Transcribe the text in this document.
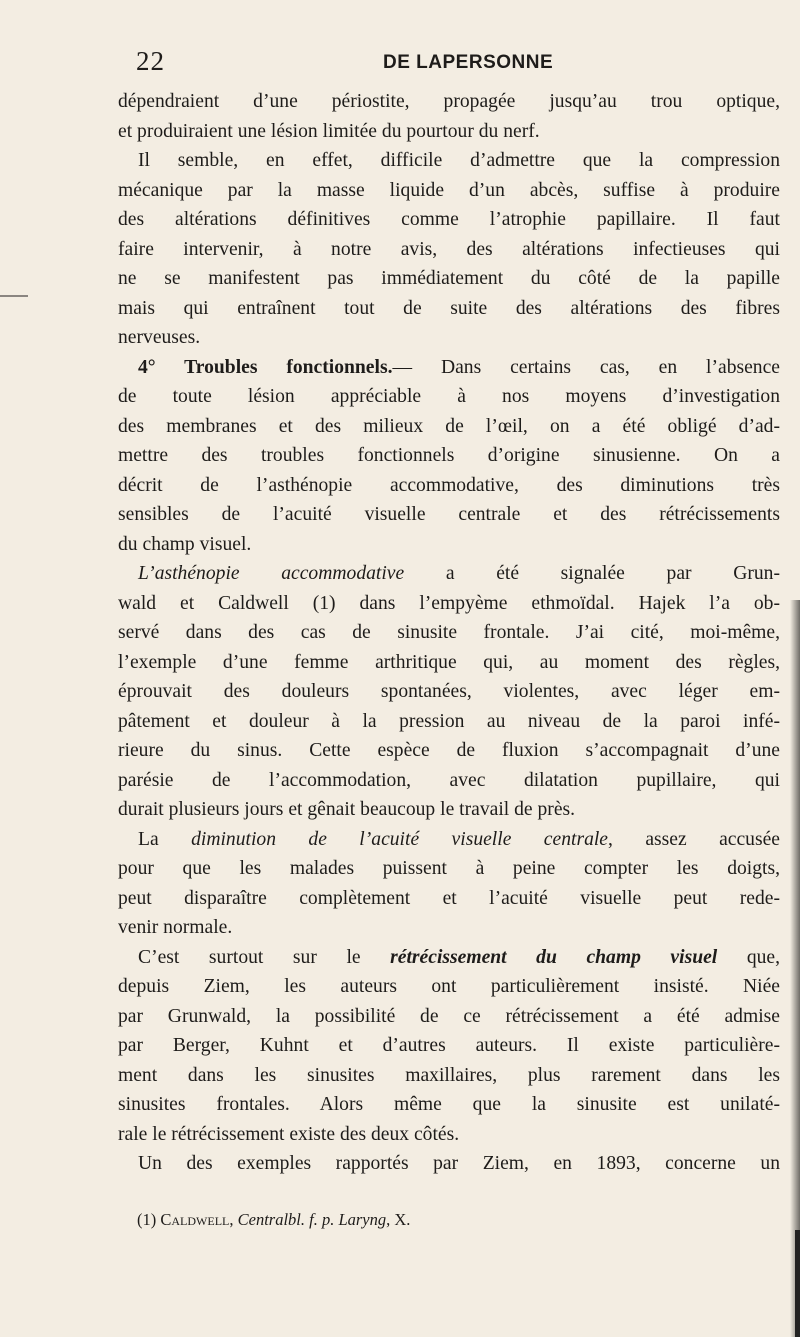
22	DE LAPERSONNE
dépendraient d’une périostite, propagée jusqu’au trou optique,
et produiraient une lésion limitée du pourtour du nerf.
Il semble, en effet, difficile d’admettre que la compression
mécanique par la masse liquide d’un abcès, suffise à produire
des altérations définitives comme l’atrophie papillaire. Il faut
faire intervenir, à notre avis, des altérations infectieuses qui
ne se manifestent pas immédiatement du côté de la papille
mais qui entraînent tout de suite des altérations des fibres
nerveuses.
4° Troubles fonctionnels.— Dans certains cas, en l’absence
de toute lésion appréciable à nos moyens d’investigation
des membranes et des milieux de l’œil, on a été obligé d’ad-
mettre des troubles fonctionnels d’origine sinusienne. On a
décrit de l’asthénopie accommodative, des diminutions très
sensibles de l’acuité visuelle centrale et des rétrécissements
du champ visuel.
L’asthénopie accommodative a été signalée par Grun-
wald et Caldwell (1) dans l’empyème ethmoïdal. Hajek l’a ob-
servé dans des cas de sinusite frontale. J’ai cité, moi-même,
l’exemple d’une femme arthritique qui, au moment des règles,
éprouvait des douleurs spontanées, violentes, avec léger em-
pâtement et douleur à la pression au niveau de la paroi infé-
rieure du sinus. Cette espèce de fluxion s’accompagnait d’une
parésie de l’accommodation, avec dilatation pupillaire, qui
durait plusieurs jours et gênait beaucoup le travail de près.
La diminution de l’acuité visuelle centrale, assez accusée
pour que les malades puissent à peine compter les doigts,
peut disparaître complètement et l’acuité visuelle peut rede-
venir normale.
C’est surtout sur le rétrécissement du champ visuel que,
depuis Ziem, les auteurs ont particulièrement insisté. Niée
par Grunwald, la possibilité de ce rétrécissement a été admise
par Berger, Kuhnt et d’autres auteurs. Il existe particulière-
ment dans les sinusites maxillaires, plus rarement dans les
sinusites frontales. Alors même que la sinusite est unilaté-
rale le rétrécissement existe des deux côtés.
Un des exemples rapportés par Ziem, en 1893, concerne un
(1) Caldwell, Centralbl. f. p. Laryng, X.
